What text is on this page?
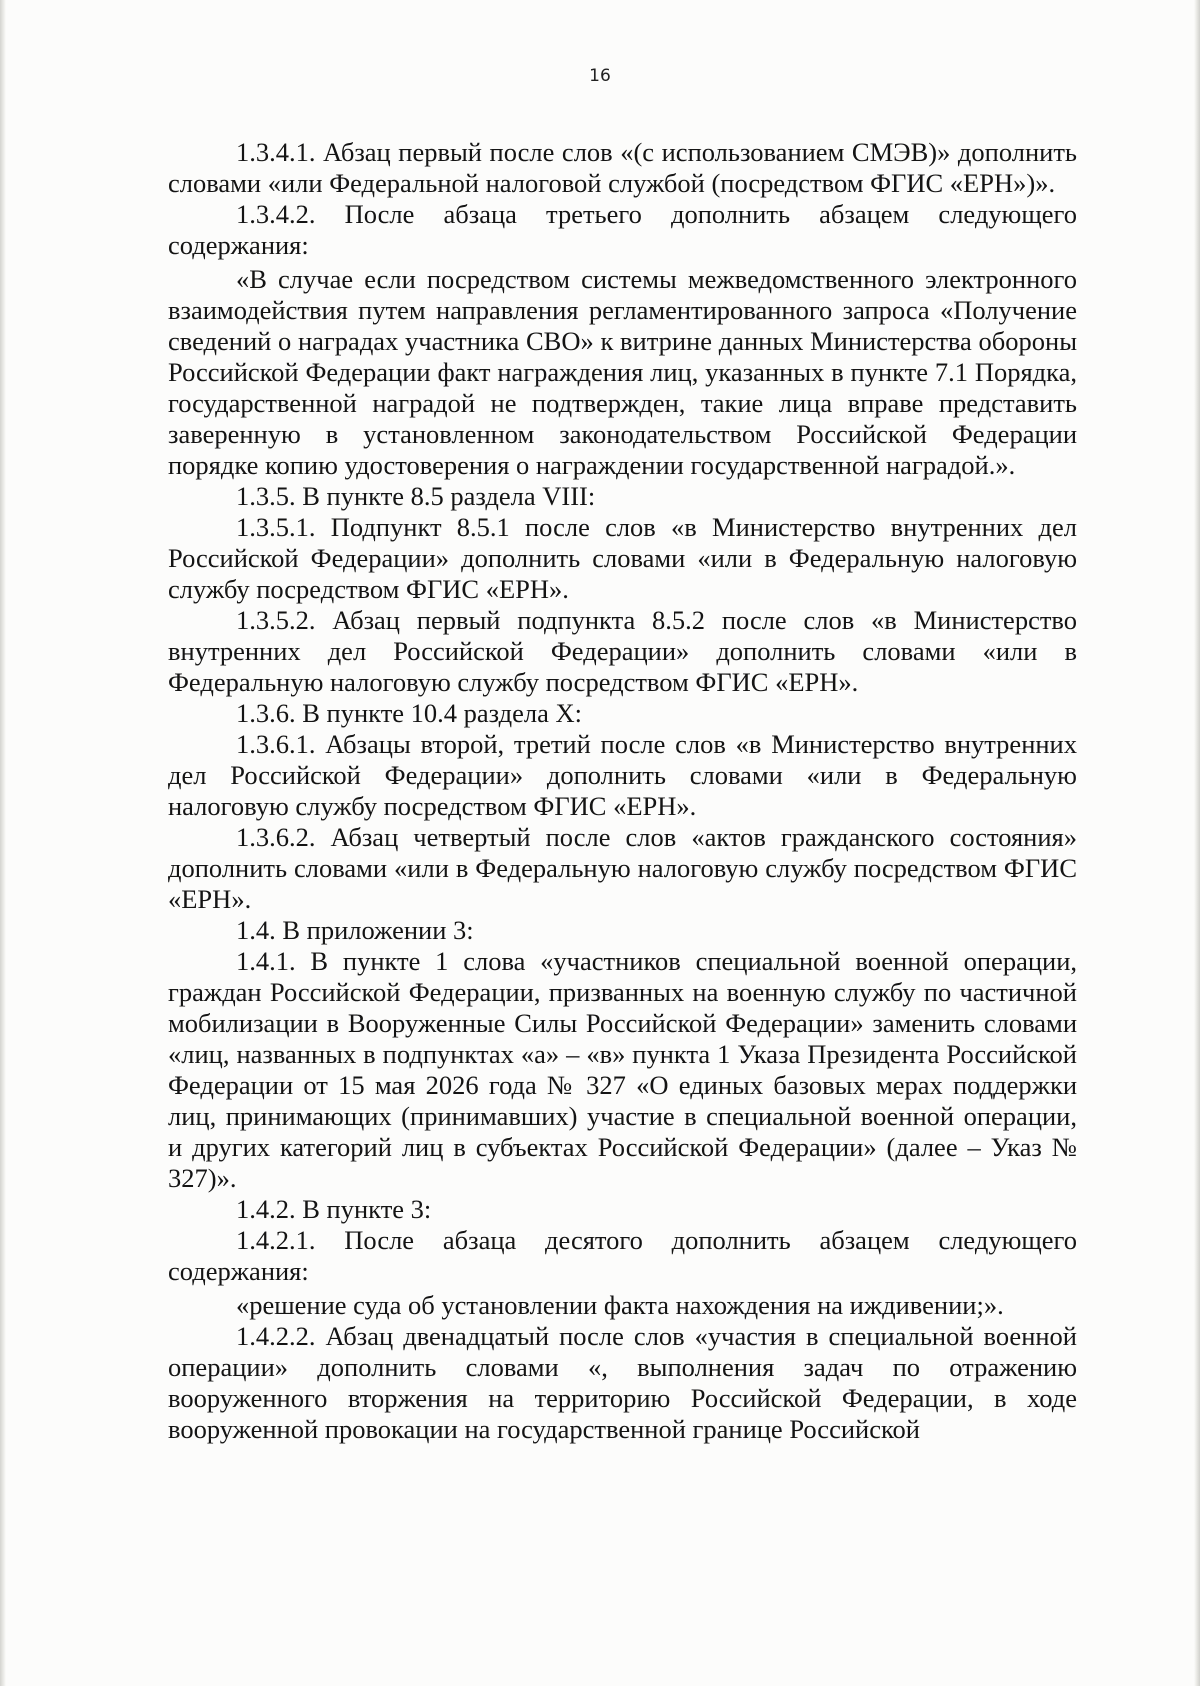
16

1.3.4.1. Абзац первый после слов «(с использованием СМЭВ)» дополнить словами «или Федеральной налоговой службой (посредством ФГИС «ЕРН»)».

1.3.4.2. После абзаца третьего дополнить абзацем следующего содержания:

«В случае если посредством системы межведомственного электронного взаимодействия путем направления регламентированного запроса «Получение сведений о наградах участника СВО» к витрине данных Министерства обороны Российской Федерации факт награждения лиц, указанных в пункте 7.1 Порядка, государственной наградой не подтвержден, такие лица вправе представить заверенную в установленном законодательством Российской Федерации порядке копию удостоверения о награждении государственной наградой.».

1.3.5. В пункте 8.5 раздела VIII:

1.3.5.1. Подпункт 8.5.1 после слов «в Министерство внутренних дел Российской Федерации» дополнить словами «или в Федеральную налоговую службу посредством ФГИС «ЕРН».

1.3.5.2. Абзац первый подпункта 8.5.2 после слов «в Министерство внутренних дел Российской Федерации» дополнить словами «или в Федеральную налоговую службу посредством ФГИС «ЕРН».

1.3.6. В пункте 10.4 раздела X:

1.3.6.1. Абзацы второй, третий после слов «в Министерство внутренних дел Российской Федерации» дополнить словами «или в Федеральную налоговую службу посредством ФГИС «ЕРН».

1.3.6.2. Абзац четвертый после слов «актов гражданского состояния» дополнить словами «или в Федеральную налоговую службу посредством ФГИС «ЕРН».

1.4. В приложении 3:

1.4.1. В пункте 1 слова «участников специальной военной операции, граждан Российской Федерации, призванных на военную службу по частичной мобилизации в Вооруженные Силы Российской Федерации» заменить словами «лиц, названных в подпунктах «а» – «в» пункта 1 Указа Президента Российской Федерации от 15 мая 2026 года № 327 «О единых базовых мерах поддержки лиц, принимающих (принимавших) участие в специальной военной операции, и других категорий лиц в субъектах Российской Федерации» (далее – Указ № 327)».

1.4.2. В пункте 3:

1.4.2.1. После абзаца десятого дополнить абзацем следующего содержания:

«решение суда об установлении факта нахождения на иждивении;».

1.4.2.2. Абзац двенадцатый после слов «участия в специальной военной операции» дополнить словами «, выполнения задач по отражению вооруженного вторжения на территорию Российской Федерации, в ходе вооруженной провокации на государственной границе Российской
